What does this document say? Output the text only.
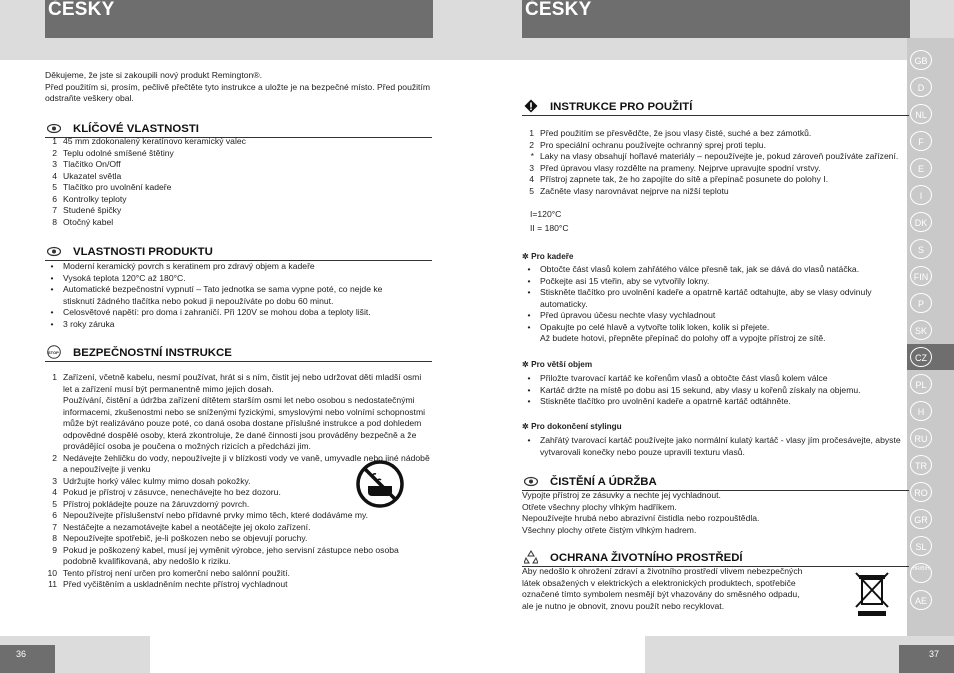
ČESKY	ČESKY
GB
D
NL
F
E
I
DK
S
FIN
P
SK
CZ
PL
H
RU
TR
RO
GR
SL
HR/BIH
AE
36	37
Děkujeme, že jste si zakoupili nový produkt Remington®.
Před použitím si, prosím, pečlivě přečtěte tyto instrukce a uložte je na bezpečné místo. Před použitím odstraňte veškery obal.
KLÍČOVÉ VLASTNOSTI
1 45 mm zdokonalený keratínovo keramický valec
2 Teplu odolné smíšené štětiny
3 Tlačítko On/Off
4 Ukazatel světla
5 Tlačítko pro uvolnění kadeře
6 Kontrolky teploty
7 Studené špičky
8 Otočný kabel
VLASTNOSTI PRODUKTU
•	Moderní keramický povrch s keratinem pro zdravý objem a kadeře
•	Vysoká teplota 120°C až 180°C.
•	Automatické bezpečnostní vypnutí – Tato jednotka se sama vypne poté, co nejde ke stisknutí žádného tlačítka nebo pokud ji nepoužíváte po dobu 60 minut.
•	Celosvětové napětí: pro doma i zahraničí. Při 120V se mohou doba a teploty lišit.
•	3 roky záruka
STOP BEZPEČNOSTNÍ INSTRUKCE
1 Zařízení, včetně kabelu, nesmí používat, hrát si s ním, čistit jej nebo udržovat děti mladší osmi let a zařízení musí být permanentně mimo jejich dosah.
Používání, čistění a údržba zařízení dítětem starším osmi let nebo osobou s nedostatečnými informacemi, zkušenostmi nebo se sníženými fyzickými, smyslovými nebo volnímí schopnostmi může být realizáváno pouze poté, co daná osoba dostane příslušné instrukce a pod dohledem odpovědné dospělé osoby, která zkontroluje, že dané činnosti jsou prováděny bezpečně a že provádějící osoba je poučena o možných rizicích a předcházi jim.
2 Nedávejte žehličku do vody, nepoužívejte ji v blízkosti vody ve vaně, umyvadle nebo jiné nádobě a nepoužívejte ji venku
3 Udržujte horký válec kulmy mimo dosah pokožky.
4 Pokud je přístroj v zásuvce, nenechávejte ho bez dozoru.
5 Přístroj pokládejte pouze na žáruvzdorný povrch.
6 Nepoužívejte příslušenství nebo přídavné prvky mimo těch, které dodáváme my.
7 Nestáčejte a nezamotávejte kabel a neotáčejte jej okolo zařízení.
8 Nepoužívejte spotřebič, je-li poškozen nebo se objevují poruchy.
9 Pokud je poškozený kabel, musí jej vyměnit výrobce, jeho servisní zástupce nebo osoba podobně kvalifikovaná, aby nedošlo k riziku.
10 Tento přístroj není určen pro komerční nebo salónní použití.
11 Před vyčištěním a uskladněním nechte přístroj vychladnout
INSTRUKCE PRO POUŽITÍ
1 Před použitím se přesvědčte, že jsou vlasy čisté, suché a bez zámotků.
2 Pro speciální ochranu používejte ochranný sprej proti teplu.
* Laky na vlasy obsahují hořlavé materiály – nepoužívejte je, pokud zároveň používáte zařízení.
3 Před úpravou vlasy rozdělte na prameny. Nejprve upravujte spodní vrstvy.
4 Přístroj zapnete tak, že ho zapojíte do sítě a přepínač posunete do polohy I.
5 Začněte vlasy narovnávat nejprve na nižší teplotu
I=120°C
II = 180°C
✲ Pro kadeře
•	Obtočte část vlasů kolem zahřátého válce přesně tak, jak se dává do vlasů natáčka.
•	Počkejte asi 15 vteřin, aby se vytvořily lokny.
•	Stiskněte tlačítko pro uvolnění kadeře a opatrně kartáč odtahujte, aby se vlasy odvinuly automaticky.
•	Před úpravou účesu nechte vlasy vychladnout
•	Opakujte po celé hlavě a vytvořte tolik loken, kolik si přejete.
Až budete hotovi, přepněte přepínač do polohy off a vypojte přístroj ze sítě.
✲ Pro větší objem
•	Přiložte tvarovací kartáč ke kořenům vlasů a obtočte část vlasů kolem válce
•	Kartáč držte na místě po dobu asi 15 sekund, aby vlasy u kořenů získaly na objemu.
•	Stiskněte tlačítko pro uvolnění kadeře a opatrně kartáč odtáhněte.
✲ Pro dokončení stylingu
•	Zahřátý tvarovací kartáč používejte jako normální kulatý kartáč - vlasy jím pročesávejte, abyste vytvarovali konečky nebo pouze upravili texturu vlasů.
ČISTĚNÍ A ÚDRŽBA
Vypojte přístroj ze zásuvky a nechte jej vychladnout.
Otřete všechny plochy vlhkým hadříkem.
Nepoužívejte hrubá nebo abrazivní čistidla nebo rozpouštědla.
Všechny plochy otřete čistým vlhkým hadrem.
OCHRANA ŽIVOTNÍHO PROSTŘEDÍ
Aby nedošlo k ohrožení zdraví a životního prostředí vlivem nebezpečných látek obsažených v elektrických a elektronických produktech, spotřebiče označené tímto symbolem nesmějí být vhazovány do směsného odpadu, ale je nutno je obnovit, znovu použít nebo recyklovat.
